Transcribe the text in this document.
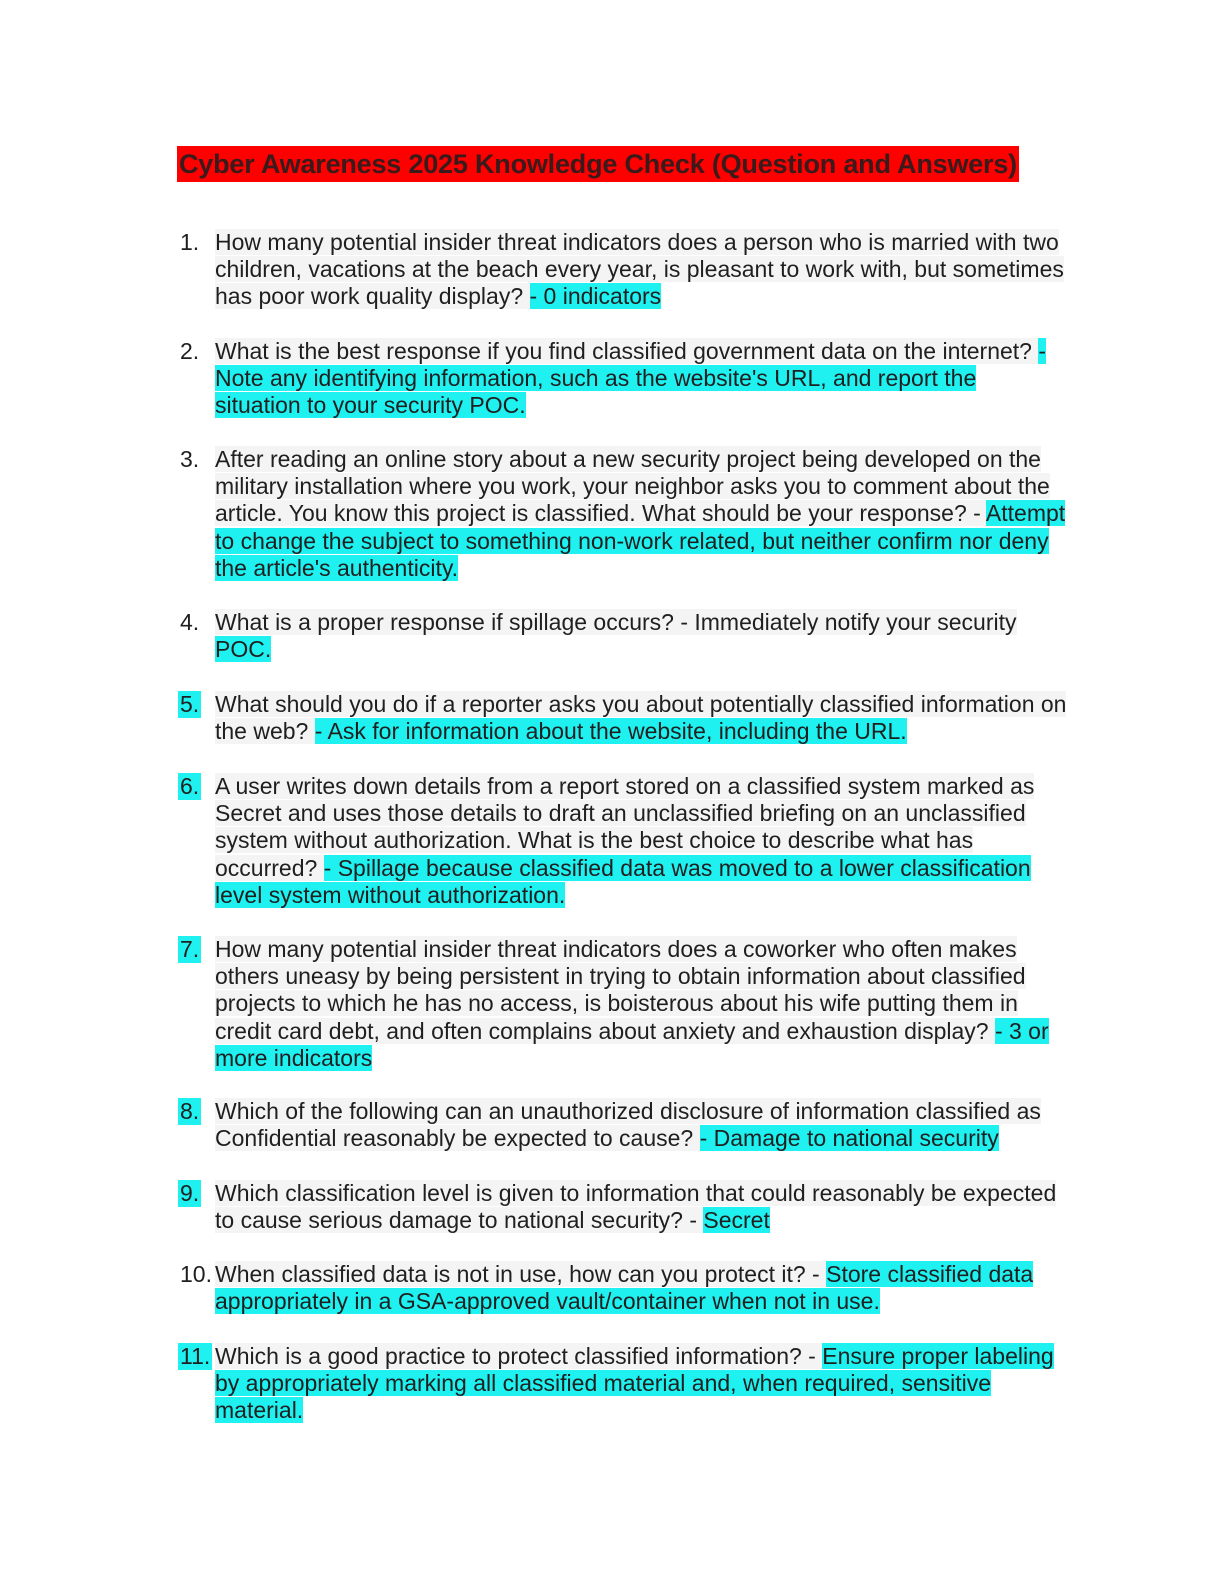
Cyber Awareness 2025 Knowledge Check (Question and Answers)
1. How many potential insider threat indicators does a person who is married with two children, vacations at the beach every year, is pleasant to work with, but sometimes has poor work quality display? - 0 indicators
2. What is the best response if you find classified government data on the internet? - Note any identifying information, such as the website's URL, and report the situation to your security POC.
3. After reading an online story about a new security project being developed on the military installation where you work, your neighbor asks you to comment about the article. You know this project is classified. What should be your response? - Attempt to change the subject to something non-work related, but neither confirm nor deny the article's authenticity.
4. What is a proper response if spillage occurs? - Immediately notify your security POC.
5. What should you do if a reporter asks you about potentially classified information on the web? - Ask for information about the website, including the URL.
6. A user writes down details from a report stored on a classified system marked as Secret and uses those details to draft an unclassified briefing on an unclassified system without authorization. What is the best choice to describe what has occurred? - Spillage because classified data was moved to a lower classification level system without authorization.
7. How many potential insider threat indicators does a coworker who often makes others uneasy by being persistent in trying to obtain information about classified projects to which he has no access, is boisterous about his wife putting them in credit card debt, and often complains about anxiety and exhaustion display? - 3 or more indicators
8. Which of the following can an unauthorized disclosure of information classified as Confidential reasonably be expected to cause? - Damage to national security
9. Which classification level is given to information that could reasonably be expected to cause serious damage to national security? - Secret
10. When classified data is not in use, how can you protect it? - Store classified data appropriately in a GSA-approved vault/container when not in use.
11. Which is a good practice to protect classified information? - Ensure proper labeling by appropriately marking all classified material and, when required, sensitive material.
